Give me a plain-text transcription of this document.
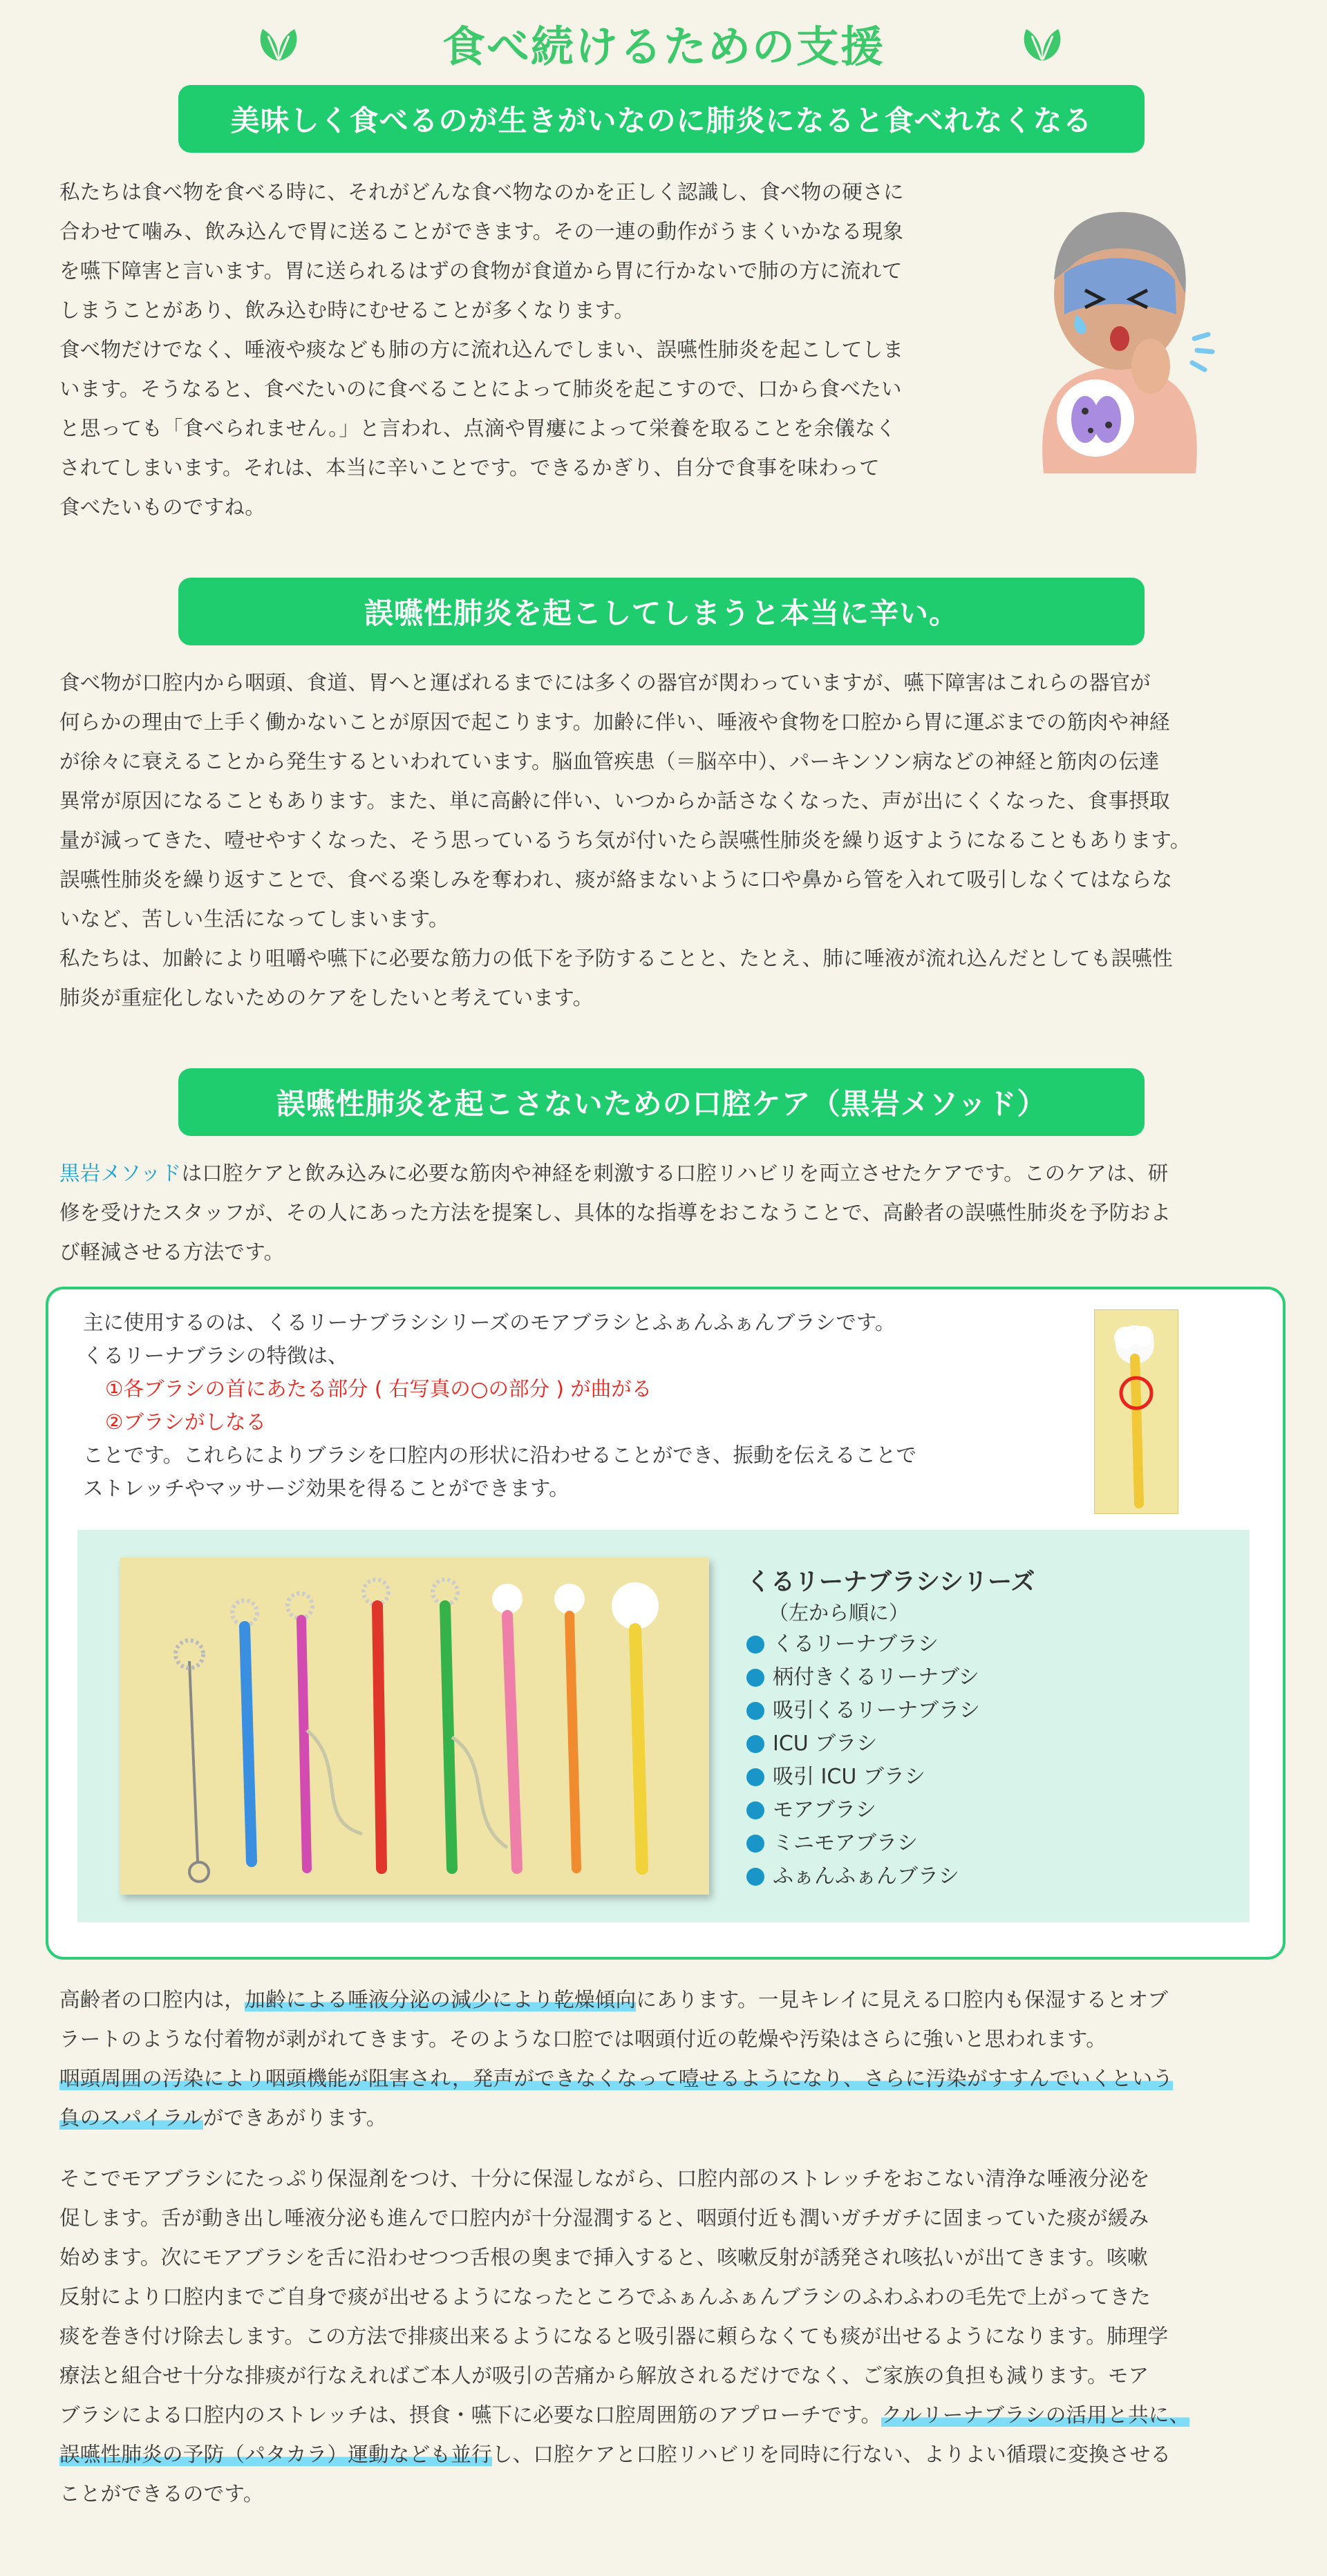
食べ続けるための支援
美味しく食べるのが生きがいなのに肺炎になると食べれなくなる

私たちは食べ物を食べる時に、それがどんな食べ物なのかを正しく認識し、食べ物の硬さに
合わせて噛み、飲み込んで胃に送ることができます。その一連の動作がうまくいかなる現象
を嚥下障害と言います。胃に送られるはずの食物が食道から胃に行かないで肺の方に流れて
しまうことがあり、飲み込む時にむせることが多くなります。
食べ物だけでなく、唾液や痰なども肺の方に流れ込んでしまい、誤嚥性肺炎を起こしてしま
います。そうなると、食べたいのに食べることによって肺炎を起こすので、口から食べたい
と思っても「食べられません。」と言われ、点滴や胃瘻によって栄養を取ることを余儀なく
されてしまいます。それは、本当に辛いことです。できるかぎり、自分で食事を味わって
食べたいものですね。

誤嚥性肺炎を起こしてしまうと本当に辛い。

食べ物が口腔内から咽頭、食道、胃へと運ばれるまでには多くの器官が関わっていますが、嚥下障害はこれらの器官が
何らかの理由で上手く働かないことが原因で起こります。加齢に伴い、唾液や食物を口腔から胃に運ぶまでの筋肉や神経
が徐々に衰えることから発生するといわれています。脳血管疾患（＝脳卒中）、パーキンソン病などの神経と筋肉の伝達
異常が原因になることもあります。また、単に高齢に伴い、いつからか話さなくなった、声が出にくくなった、食事摂取
量が減ってきた、噎せやすくなった、そう思っているうち気が付いたら誤嚥性肺炎を繰り返すようになることもあります。
誤嚥性肺炎を繰り返すことで、食べる楽しみを奪われ、痰が絡まないように口や鼻から管を入れて吸引しなくてはならな
いなど、苦しい生活になってしまいます。
私たちは、加齢により咀嚼や嚥下に必要な筋力の低下を予防することと、たとえ、肺に唾液が流れ込んだとしても誤嚥性
肺炎が重症化しないためのケアをしたいと考えています。

誤嚥性肺炎を起こさないための口腔ケア（黒岩メソッド）

黒岩メソッドは口腔ケアと飲み込みに必要な筋肉や神経を刺激する口腔リハビリを両立させたケアです。このケアは、研
修を受けたスタッフが、その人にあった方法を提案し、具体的な指導をおこなうことで、高齢者の誤嚥性肺炎を予防およ
び軽減させる方法です。

主に使用するのは、くるリーナブラシシリーズのモアブラシとふぁんふぁんブラシです。
くるリーナブラシの特徴は、
①各ブラシの首にあたる部分 ( 右写真の○の部分 ) が曲がる
②ブラシがしなる
ことです。これらによりブラシを口腔内の形状に沿わせることができ、振動を伝えることで
ストレッチやマッサージ効果を得ることができます。
くるリーナブラシシリーズ
（左から順に）
くるリーナブラシ
柄付きくるリーナブシ
吸引くるリーナブラシ
ICU ブラシ
吸引 ICU ブラシ
モアブラシ
ミニモアブラシ
ふぁんふぁんブラシ

高齢者の口腔内は，加齢による唾液分泌の減少により乾燥傾向にあります。一見キレイに見える口腔内も保湿するとオブ
ラートのような付着物が剥がれてきます。そのような口腔では咽頭付近の乾燥や汚染はさらに強いと思われます。
咽頭周囲の汚染により咽頭機能が阻害され，発声ができなくなって噎せるようになり、さらに汚染がすすんでいくという
負のスパイラルができあがります。

そこでモアブラシにたっぷり保湿剤をつけ、十分に保湿しながら、口腔内部のストレッチをおこない清浄な唾液分泌を
促します。舌が動き出し唾液分泌も進んで口腔内が十分湿潤すると、咽頭付近も潤いガチガチに固まっていた痰が緩み
始めます。次にモアブラシを舌に沿わせつつ舌根の奥まで挿入すると、咳嗽反射が誘発され咳払いが出てきます。咳嗽
反射により口腔内までご自身で痰が出せるようになったところでふぁんふぁんブラシのふわふわの毛先で上がってきた
痰を巻き付け除去します。この方法で排痰出来るようになると吸引器に頼らなくても痰が出せるようになります。肺理学
療法と組合せ十分な排痰が行なえればご本人が吸引の苦痛から解放されるだけでなく、ご家族の負担も減ります。モア
ブラシによる口腔内のストレッチは、摂食・嚥下に必要な口腔周囲筋のアプローチです。クルリーナブラシの活用と共に、
誤嚥性肺炎の予防（パタカラ）運動なども並行し、口腔ケアと口腔リハビリを同時に行ない、よりよい循環に変換させる
ことができるのです。
